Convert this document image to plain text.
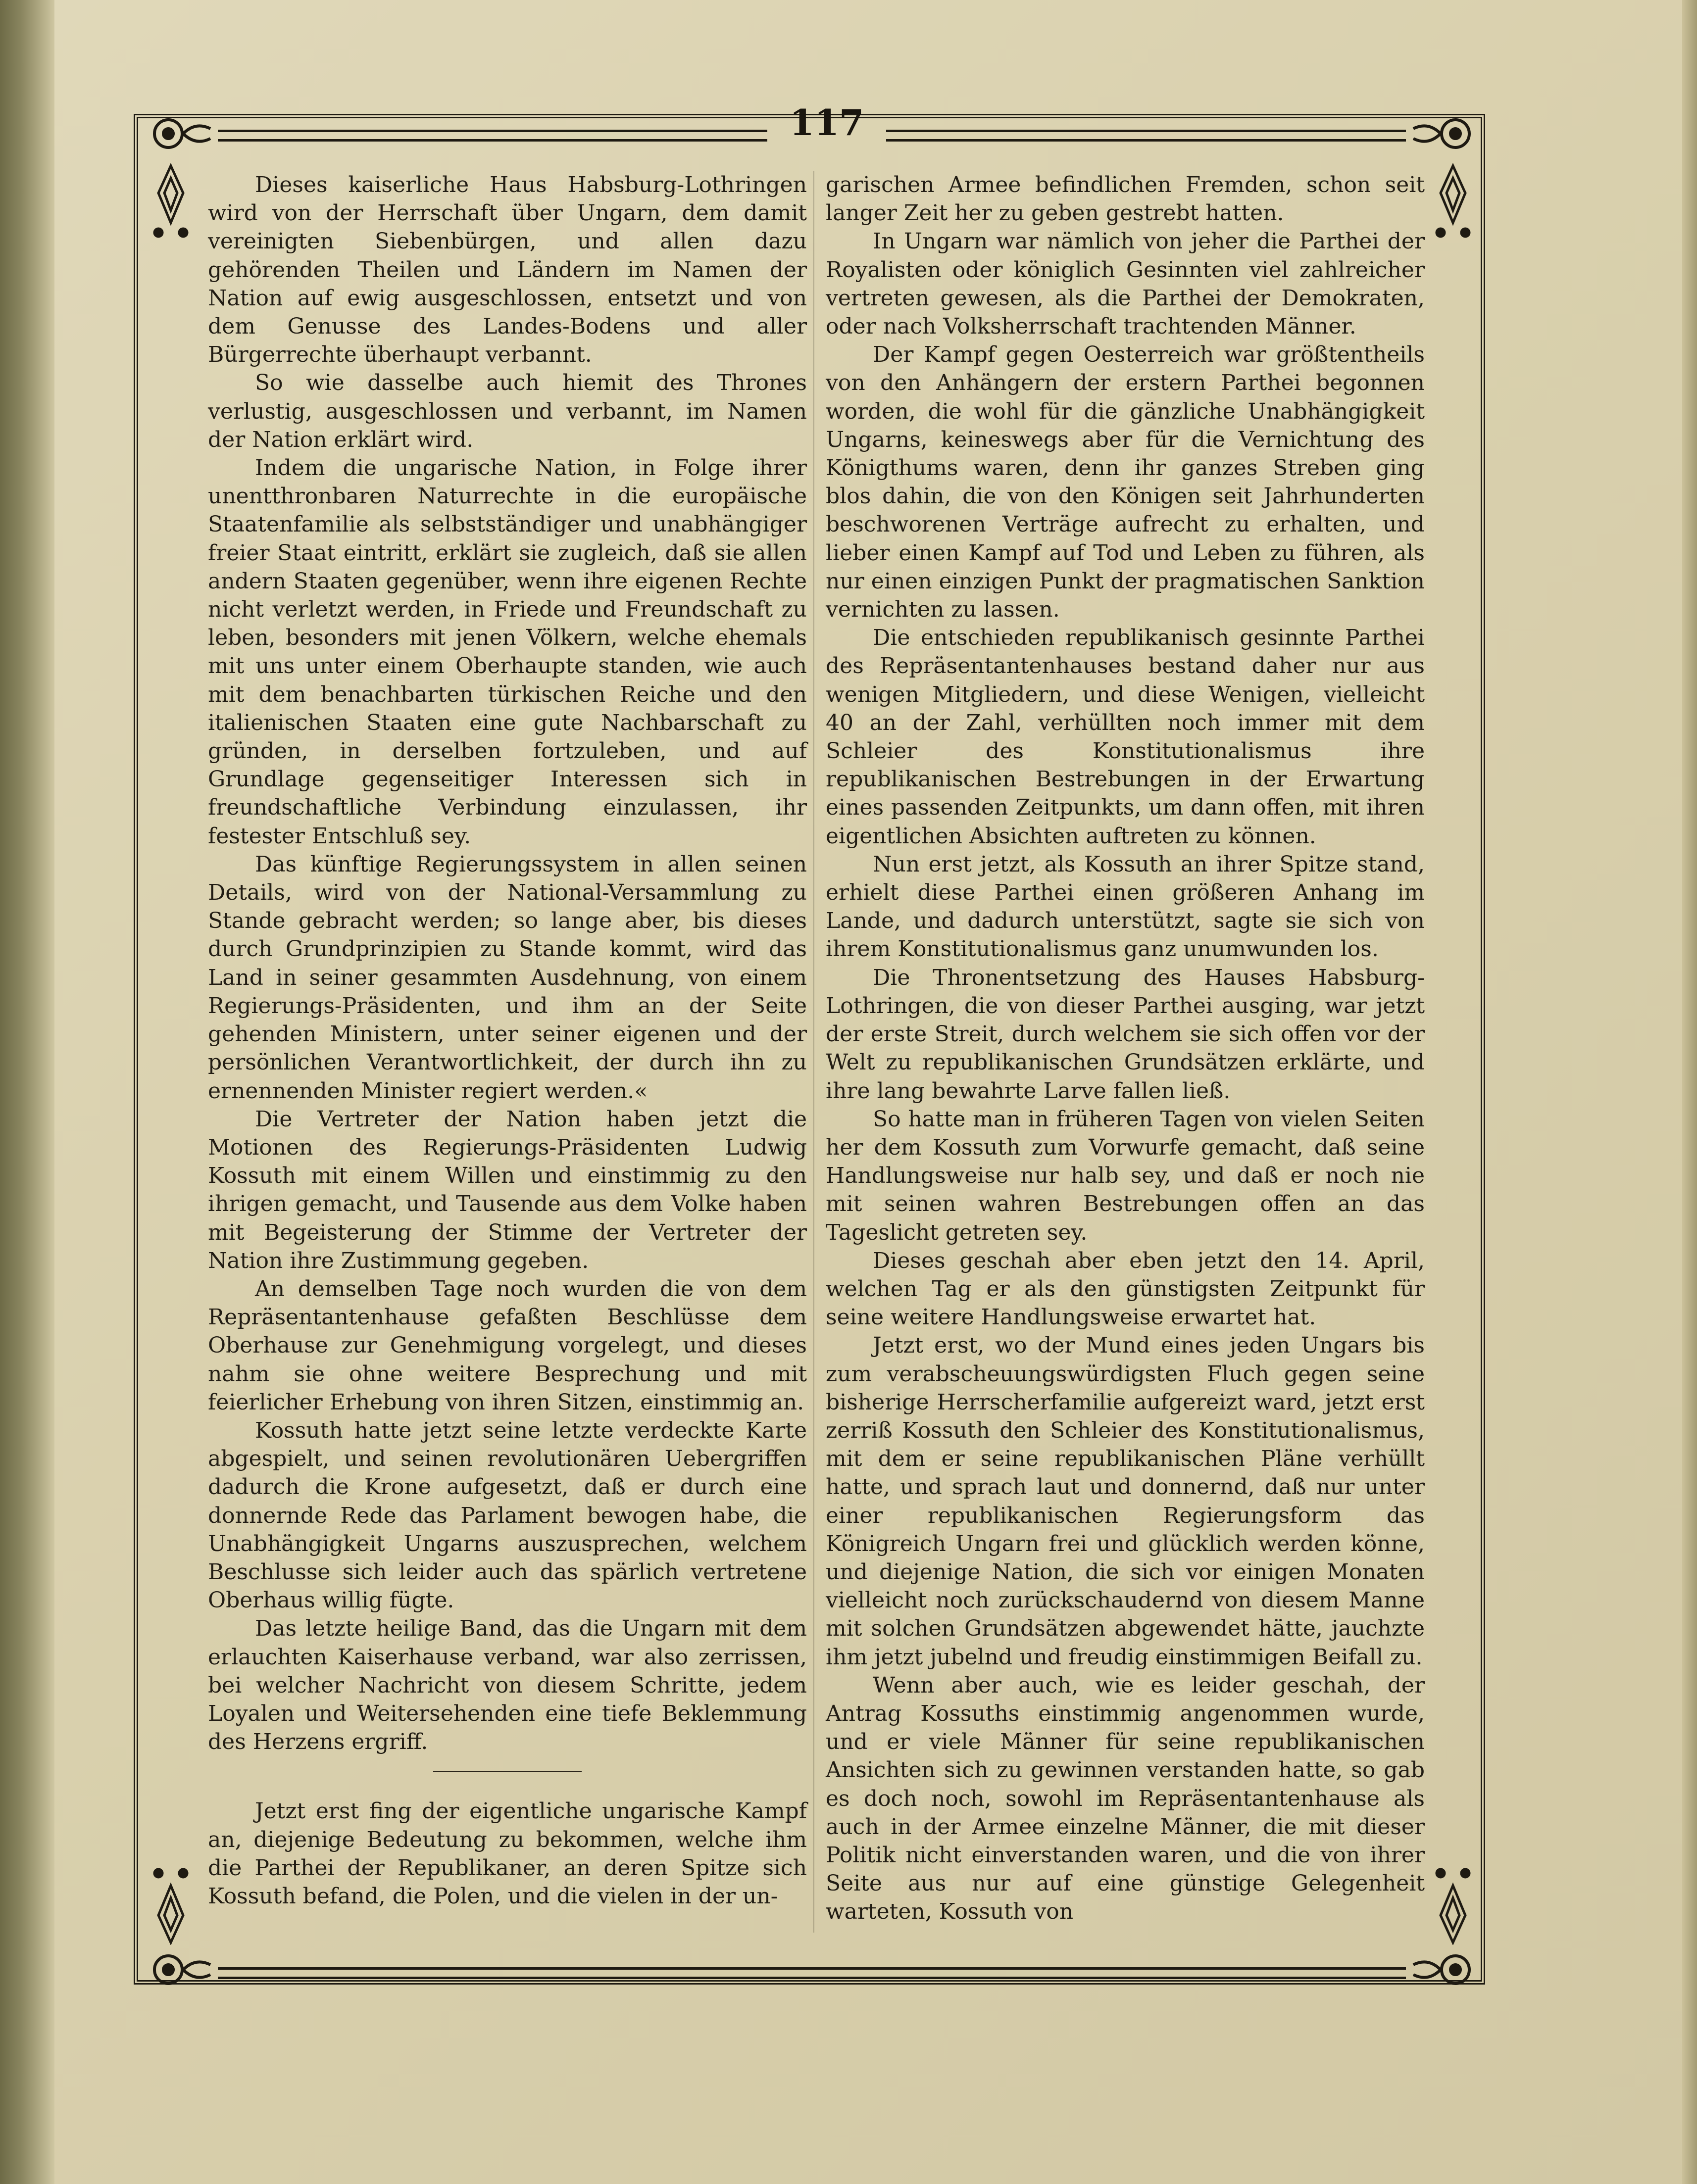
117

Dieses kaiserliche Haus Habsburg-Lothringen wird von der Herrschaft über Ungarn, dem damit vereinigten Siebenbürgen, und allen dazu gehörenden Theilen und Ländern im Namen der Nation auf ewig ausgeschlossen, entsetzt und von dem Genusse des Landes-Bodens und aller Bürgerrechte überhaupt verbannt.

So wie dasselbe auch hiemit des Thrones verlustig, ausgeschlossen und verbannt, im Namen der Nation erklärt wird.

Indem die ungarische Nation, in Folge ihrer unentthronbaren Naturrechte in die europäische Staatenfamilie als selbstständiger und unabhängiger freier Staat eintritt, erklärt sie zugleich, daß sie allen andern Staaten gegenüber, wenn ihre eigenen Rechte nicht verletzt werden, in Friede und Freundschaft zu leben, besonders mit jenen Völkern, welche ehemals mit uns unter einem Oberhaupte standen, wie auch mit dem benachbarten türkischen Reiche und den italienischen Staaten eine gute Nachbarschaft zu gründen, in derselben fortzuleben, und auf Grundlage gegenseitiger Interessen sich in freundschaftliche Verbindung einzulassen, ihr festester Entschluß sey.

Das künftige Regierungssystem in allen seinen Details, wird von der National-Versammlung zu Stande gebracht werden; so lange aber, bis dieses durch Grundprinzipien zu Stande kommt, wird das Land in seiner gesammten Ausdehnung, von einem Regierungs-Präsidenten, und ihm an der Seite gehenden Ministern, unter seiner eigenen und der persönlichen Verantwortlichkeit, der durch ihn zu ernennenden Minister regiert werden.«

Die Vertreter der Nation haben jetzt die Motionen des Regierungs-Präsidenten Ludwig Kossuth mit einem Willen und einstimmig zu den ihrigen gemacht, und Tausende aus dem Volke haben mit Begeisterung der Stimme der Vertreter der Nation ihre Zustimmung gegeben.

An demselben Tage noch wurden die von dem Repräsentantenhause gefaßten Beschlüsse dem Oberhause zur Genehmigung vorgelegt, und dieses nahm sie ohne weitere Besprechung und mit feierlicher Erhebung von ihren Sitzen, einstimmig an.

Kossuth hatte jetzt seine letzte verdeckte Karte abgespielt, und seinen revolutionären Uebergriffen dadurch die Krone aufgesetzt, daß er durch eine donnernde Rede das Parlament bewogen habe, die Unabhängigkeit Ungarns auszusprechen, welchem Beschlusse sich leider auch das spärlich vertretene Oberhaus willig fügte.

Das letzte heilige Band, das die Ungarn mit dem erlauchten Kaiserhause verband, war also zerrissen, bei welcher Nachricht von diesem Schritte, jedem Loyalen und Weitersehenden eine tiefe Beklemmung des Herzens ergriff.

Jetzt erst fing der eigentliche ungarische Kampf an, diejenige Bedeutung zu bekommen, welche ihm die Parthei der Republikaner, an deren Spitze sich Kossuth befand, die Polen, und die vielen in der un-

garischen Armee befindlichen Fremden, schon seit langer Zeit her zu geben gestrebt hatten.

In Ungarn war nämlich von jeher die Parthei der Royalisten oder königlich Gesinnten viel zahlreicher vertreten gewesen, als die Parthei der Demokraten, oder nach Volksherrschaft trachtenden Männer.

Der Kampf gegen Oesterreich war größtentheils von den Anhängern der erstern Parthei begonnen worden, die wohl für die gänzliche Unabhängigkeit Ungarns, keineswegs aber für die Vernichtung des Königthums waren, denn ihr ganzes Streben ging blos dahin, die von den Königen seit Jahrhunderten beschworenen Verträge aufrecht zu erhalten, und lieber einen Kampf auf Tod und Leben zu führen, als nur einen einzigen Punkt der pragmatischen Sanktion vernichten zu lassen.

Die entschieden republikanisch gesinnte Parthei des Repräsentantenhauses bestand daher nur aus wenigen Mitgliedern, und diese Wenigen, vielleicht 40 an der Zahl, verhüllten noch immer mit dem Schleier des Konstitutionalismus ihre republikanischen Bestrebungen in der Erwartung eines passenden Zeitpunkts, um dann offen, mit ihren eigentlichen Absichten auftreten zu können.

Nun erst jetzt, als Kossuth an ihrer Spitze stand, erhielt diese Parthei einen größeren Anhang im Lande, und dadurch unterstützt, sagte sie sich von ihrem Konstitutionalismus ganz unumwunden los.

Die Thronentsetzung des Hauses Habsburg-Lothringen, die von dieser Parthei ausging, war jetzt der erste Streit, durch welchem sie sich offen vor der Welt zu republikanischen Grundsätzen erklärte, und ihre lang bewahrte Larve fallen ließ.

So hatte man in früheren Tagen von vielen Seiten her dem Kossuth zum Vorwurfe gemacht, daß seine Handlungsweise nur halb sey, und daß er noch nie mit seinen wahren Bestrebungen offen an das Tageslicht getreten sey.

Dieses geschah aber eben jetzt den 14. April, welchen Tag er als den günstigsten Zeitpunkt für seine weitere Handlungsweise erwartet hat.

Jetzt erst, wo der Mund eines jeden Ungars bis zum verabscheuungswürdigsten Fluch gegen seine bisherige Herrscherfamilie aufgereizt ward, jetzt erst zerriß Kossuth den Schleier des Konstitutionalismus, mit dem er seine republikanischen Pläne verhüllt hatte, und sprach laut und donnernd, daß nur unter einer republikanischen Regierungsform das Königreich Ungarn frei und glücklich werden könne, und diejenige Nation, die sich vor einigen Monaten vielleicht noch zurückschaudernd von diesem Manne mit solchen Grundsätzen abgewendet hätte, jauchzte ihm jetzt jubelnd und freudig einstimmigen Beifall zu.

Wenn aber auch, wie es leider geschah, der Antrag Kossuths einstimmig angenommen wurde, und er viele Männer für seine republikanischen Ansichten sich zu gewinnen verstanden hatte, so gab es doch noch, sowohl im Repräsentantenhause als auch in der Armee einzelne Männer, die mit dieser Politik nicht einverstanden waren, und die von ihrer Seite aus nur auf eine günstige Gelegenheit warteten, Kossuth von
